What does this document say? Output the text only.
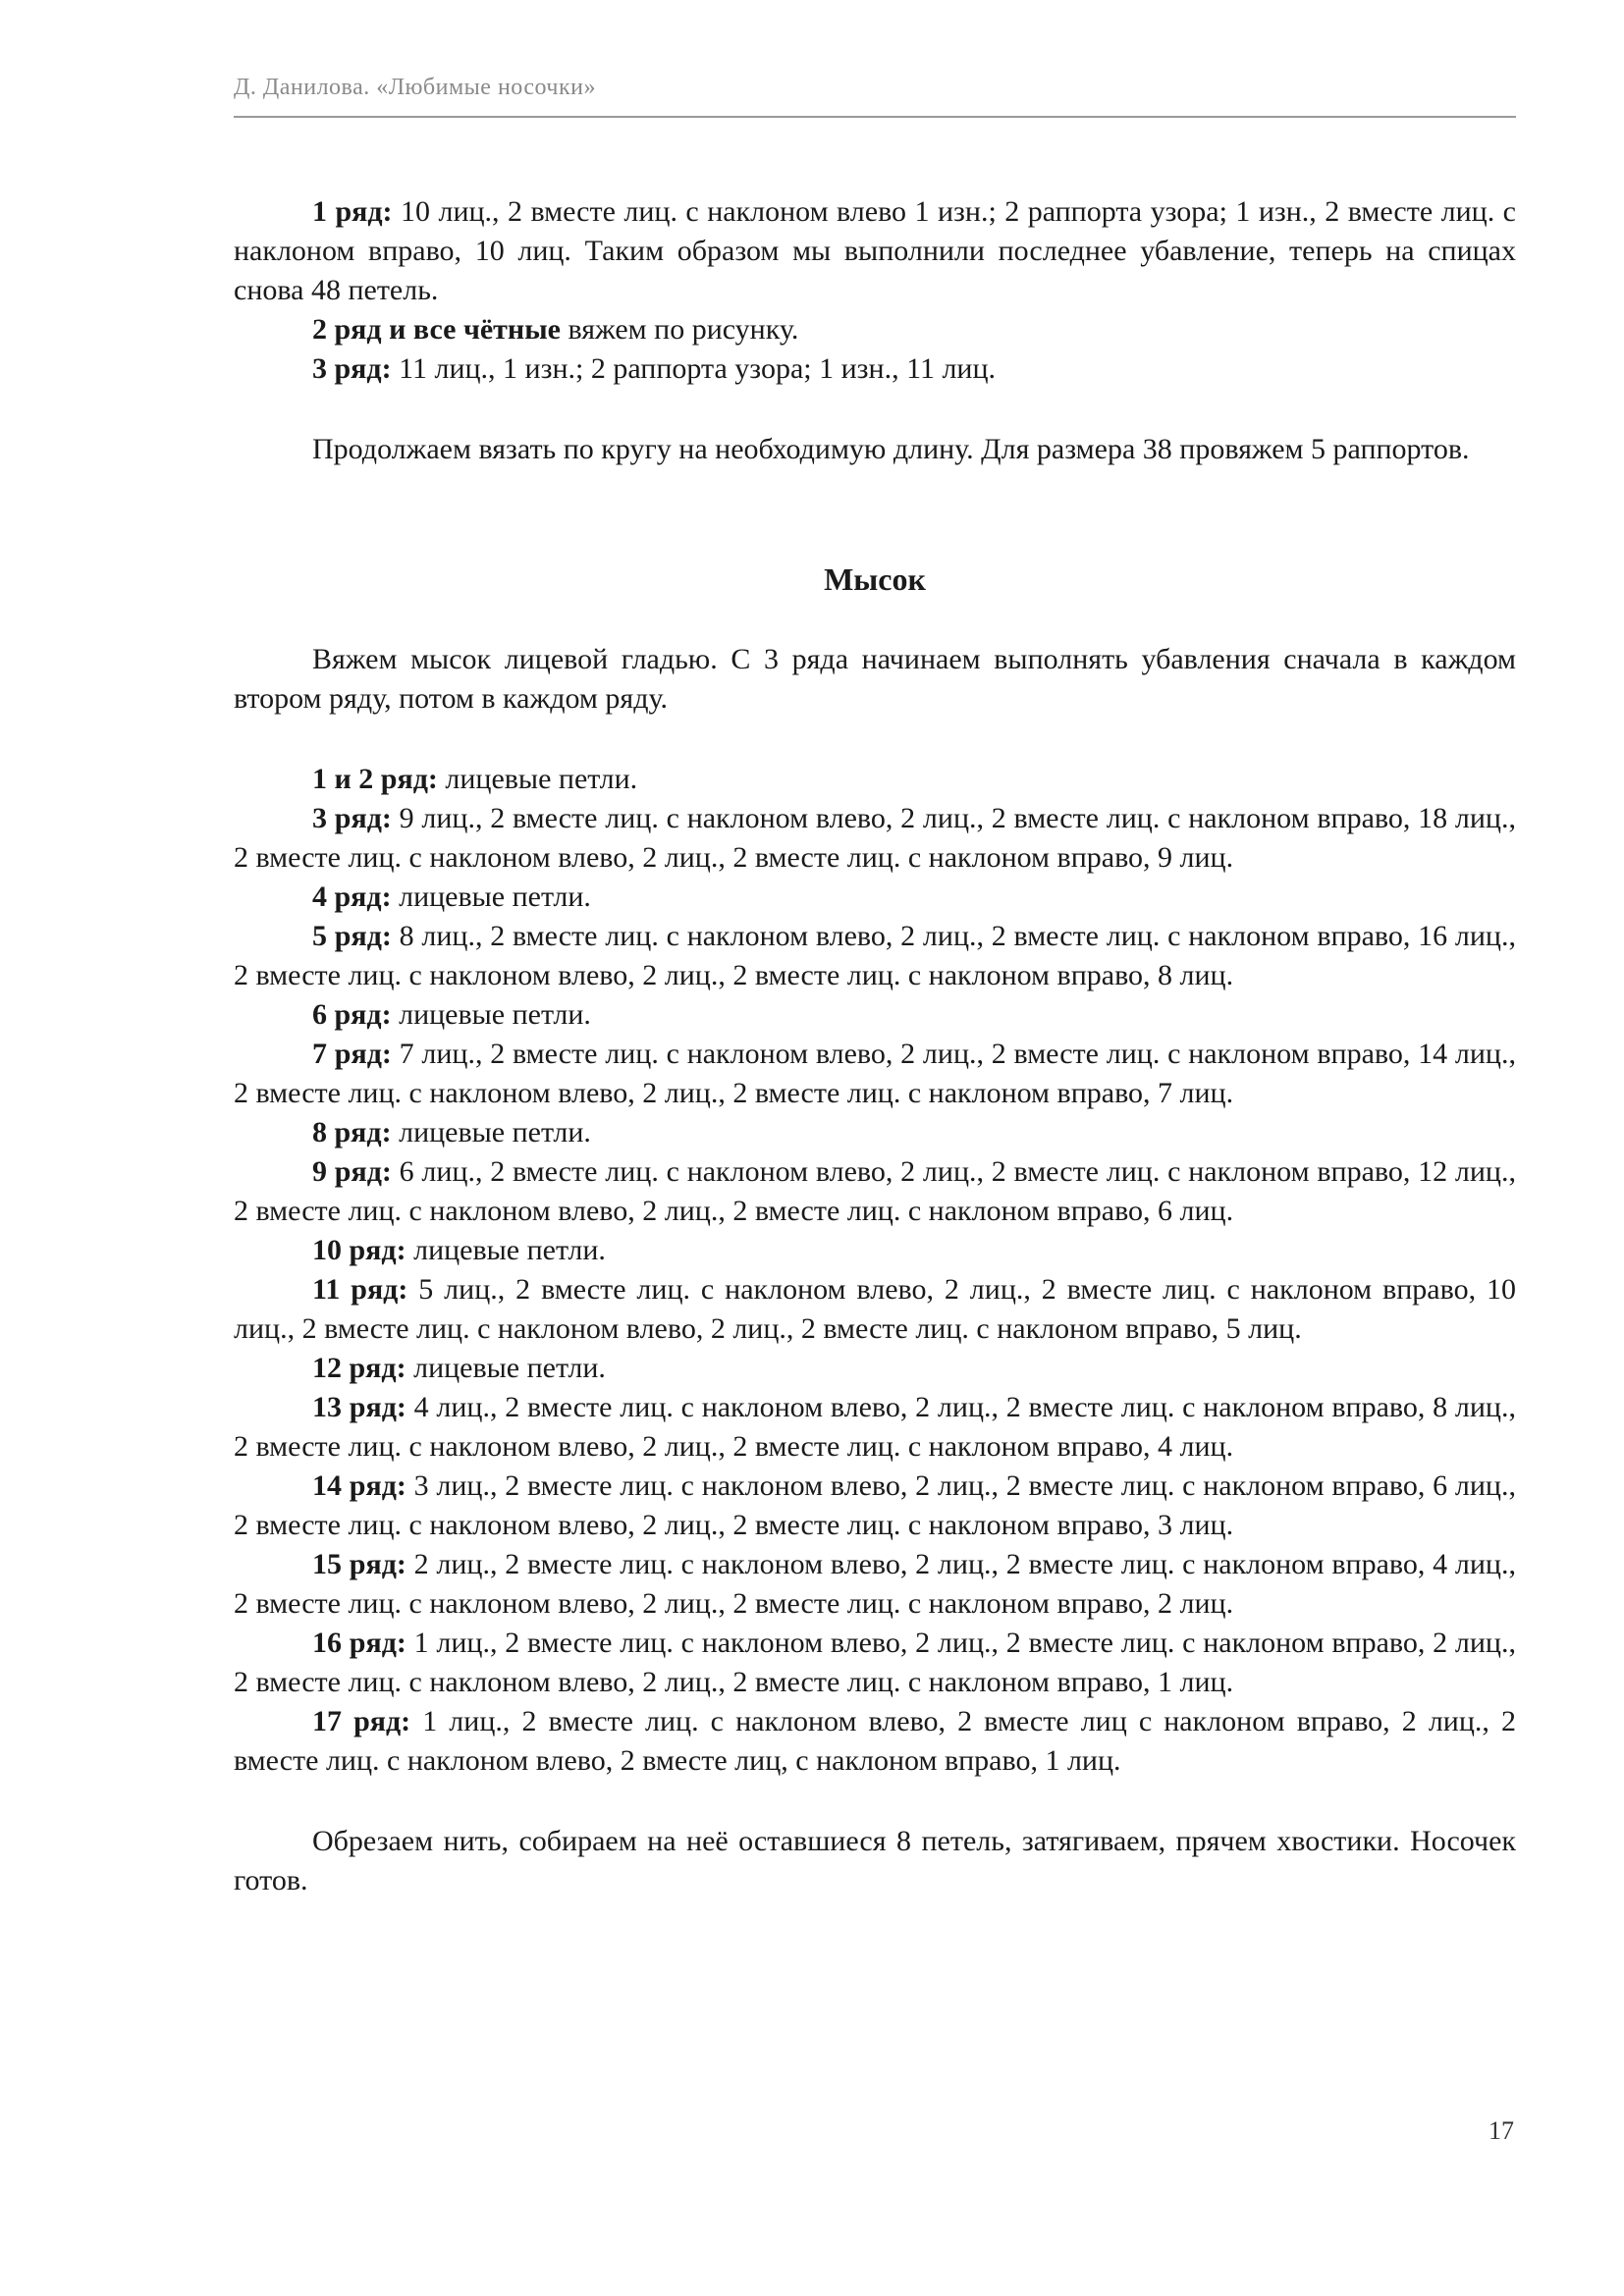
Д. Данилова. «Любимые носочки»

1 ряд: 10 лиц., 2 вместе лиц. с наклоном влево 1 изн.; 2 раппорта узора; 1 изн., 2 вместе лиц. с наклоном вправо, 10 лиц. Таким образом мы выполнили последнее убавление, теперь на спицах снова 48 петель.

2 ряд и все чётные вяжем по рисунку.

3 ряд: 11 лиц., 1 изн.; 2 раппорта узора; 1 изн., 11 лиц.

Продолжаем вязать по кругу на необходимую длину. Для размера 38 провяжем 5 раппортов.

Мысок

Вяжем мысок лицевой гладью. С 3 ряда начинаем выполнять убавления сначала в каждом втором ряду, потом в каждом ряду.

1 и 2 ряд: лицевые петли.

3 ряд: 9 лиц., 2 вместе лиц. с наклоном влево, 2 лиц., 2 вместе лиц. с наклоном вправо, 18 лиц., 2 вместе лиц. с наклоном влево, 2 лиц., 2 вместе лиц. с наклоном вправо, 9 лиц.

4 ряд: лицевые петли.

5 ряд: 8 лиц., 2 вместе лиц. с наклоном влево, 2 лиц., 2 вместе лиц. с наклоном вправо, 16 лиц., 2 вместе лиц. с наклоном влево, 2 лиц., 2 вместе лиц. с наклоном вправо, 8 лиц.

6 ряд: лицевые петли.

7 ряд: 7 лиц., 2 вместе лиц. с наклоном влево, 2 лиц., 2 вместе лиц. с наклоном вправо, 14 лиц., 2 вместе лиц. с наклоном влево, 2 лиц., 2 вместе лиц. с наклоном вправо, 7 лиц.

8 ряд: лицевые петли.

9 ряд: 6 лиц., 2 вместе лиц. с наклоном влево, 2 лиц., 2 вместе лиц. с наклоном вправо, 12 лиц., 2 вместе лиц. с наклоном влево, 2 лиц., 2 вместе лиц. с наклоном вправо, 6 лиц.

10 ряд: лицевые петли.

11 ряд: 5 лиц., 2 вместе лиц. с наклоном влево, 2 лиц., 2 вместе лиц. с наклоном вправо, 10 лиц., 2 вместе лиц. с наклоном влево, 2 лиц., 2 вместе лиц. с наклоном вправо, 5 лиц.

12 ряд: лицевые петли.

13 ряд: 4 лиц., 2 вместе лиц. с наклоном влево, 2 лиц., 2 вместе лиц. с наклоном вправо, 8 лиц., 2 вместе лиц. с наклоном влево, 2 лиц., 2 вместе лиц. с наклоном вправо, 4 лиц.

14 ряд: 3 лиц., 2 вместе лиц. с наклоном влево, 2 лиц., 2 вместе лиц. с наклоном вправо, 6 лиц., 2 вместе лиц. с наклоном влево, 2 лиц., 2 вместе лиц. с наклоном вправо, 3 лиц.

15 ряд: 2 лиц., 2 вместе лиц. с наклоном влево, 2 лиц., 2 вместе лиц. с наклоном вправо, 4 лиц., 2 вместе лиц. с наклоном влево, 2 лиц., 2 вместе лиц. с наклоном вправо, 2 лиц.

16 ряд: 1 лиц., 2 вместе лиц. с наклоном влево, 2 лиц., 2 вместе лиц. с наклоном вправо, 2 лиц., 2 вместе лиц. с наклоном влево, 2 лиц., 2 вместе лиц. с наклоном вправо, 1 лиц.

17 ряд: 1 лиц., 2 вместе лиц. с наклоном влево, 2 вместе лиц с наклоном вправо, 2 лиц., 2 вместе лиц. с наклоном влево, 2 вместе лиц, с наклоном вправо, 1 лиц.

Обрезаем нить, собираем на неё оставшиеся 8 петель, затягиваем, прячем хвостики. Носочек готов.

17
